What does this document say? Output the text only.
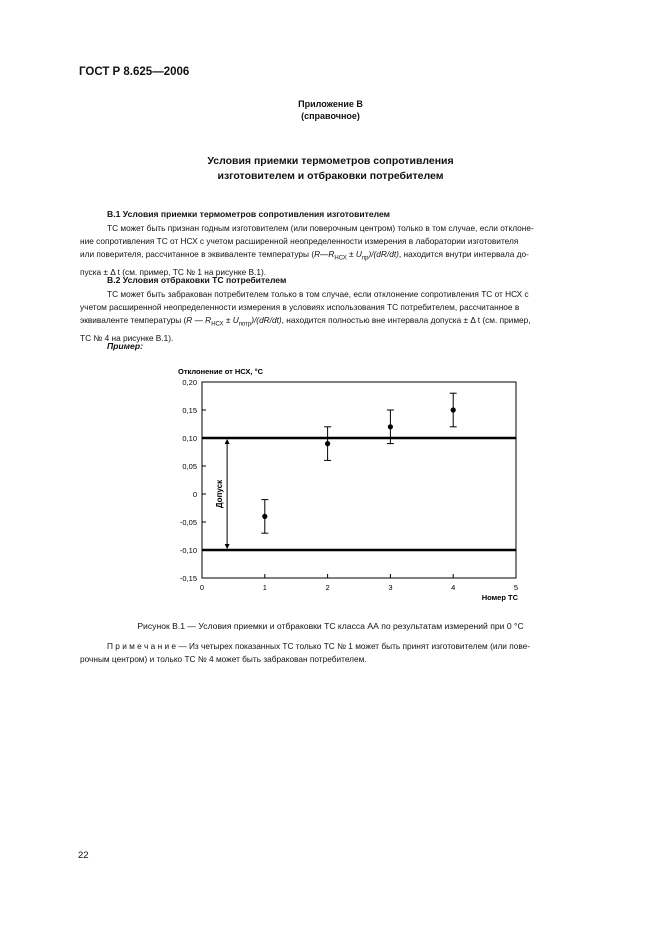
ГОСТ Р 8.625—2006
Приложение В
(справочное)
Условия приемки термометров сопротивления
изготовителем и отбраковки потребителем
В.1 Условия приемки термометров сопротивления изготовителем
ТС может быть признан годным изготовителем (или поверочным центром) только в том случае, если отклоне-
ние сопротивления ТС от НСХ с учетом расширенной неопределенности измерения в лаборатории изготовителя
или поверителя, рассчитанное в эквиваленте температуры $(R—R_{НСХ} \pm U_{пр})/(dR/dt)$, находится внутри интервала до-
пуска ± Δ t (см. пример, ТС № 1 на рисунке В.1).
В.2 Условия отбраковки ТС потребителем
ТС может быть забракован потребителем только в том случае, если отклонение сопротивления ТС от НСХ с
учетом расширенной неопределенности измерения в условиях использования ТС потребителем, рассчитанное в
эквиваленте температуры (R — $R_{НСХ} \pm U_{потр})/(dR/dt)$, находится полностью вне интервала допуска ± Δ t (см. пример,
ТС № 4 на рисунке В.1).
Пример:
0,20
0,15
0,10
0,05
0
-0,05
-0,10
-0,15
0	1	2	3	4	5
Отклонение от НСХ, °С
Номер ТС
Допуск
Рисунок В.1 — Условия приемки и отбраковки ТС класса АА по результатам измерений при 0 °С
П р и м е ч а н и е — Из четырех показанных ТС только ТС № 1 может быть принят изготовителем (или пове-
рочным центром) и только ТС № 4 может быть забракован потребителем.
22
